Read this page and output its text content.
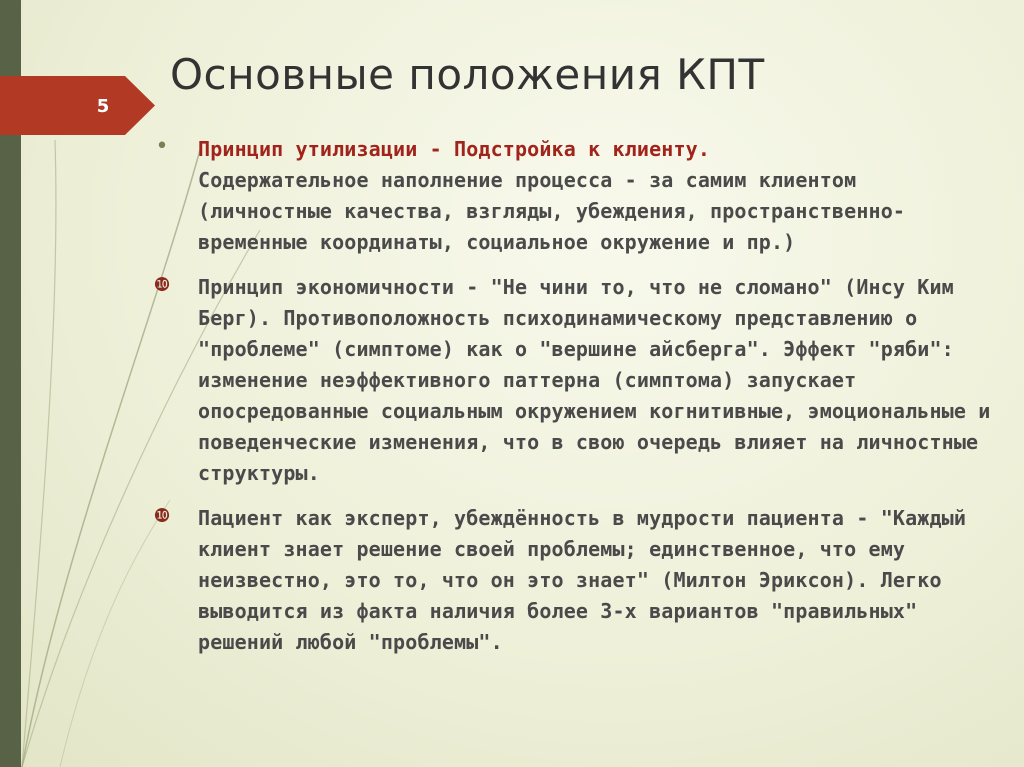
5
Основные положения КПТ
• Принцип утилизации - Подстройка к клиенту.
Содержательное наполнение процесса - за самим клиентом (личностные качества, взгляды, убеждения, пространственно-временные координаты, социальное окружение и пр.)
❿ Принцип экономичности - "Не чини то, что не сломано" (Инсу Ким Берг). Противоположность психодинамическому представлению о "проблеме" (симптоме) как о "вершине айсберга". Эффект "ряби": изменение неэффективного паттерна (симптома) запускает опосредованные социальным окружением когнитивные, эмоциональные и поведенческие изменения, что в свою очередь влияет на личностные структуры.
❿ Пациент как эксперт, убеждённость в мудрости пациента - "Каждый клиент знает решение своей проблемы; единственное, что ему неизвестно, это то, что он это знает" (Милтон Эриксон). Легко выводится из факта наличия более 3-х вариантов "правильных" решений любой "проблемы".
